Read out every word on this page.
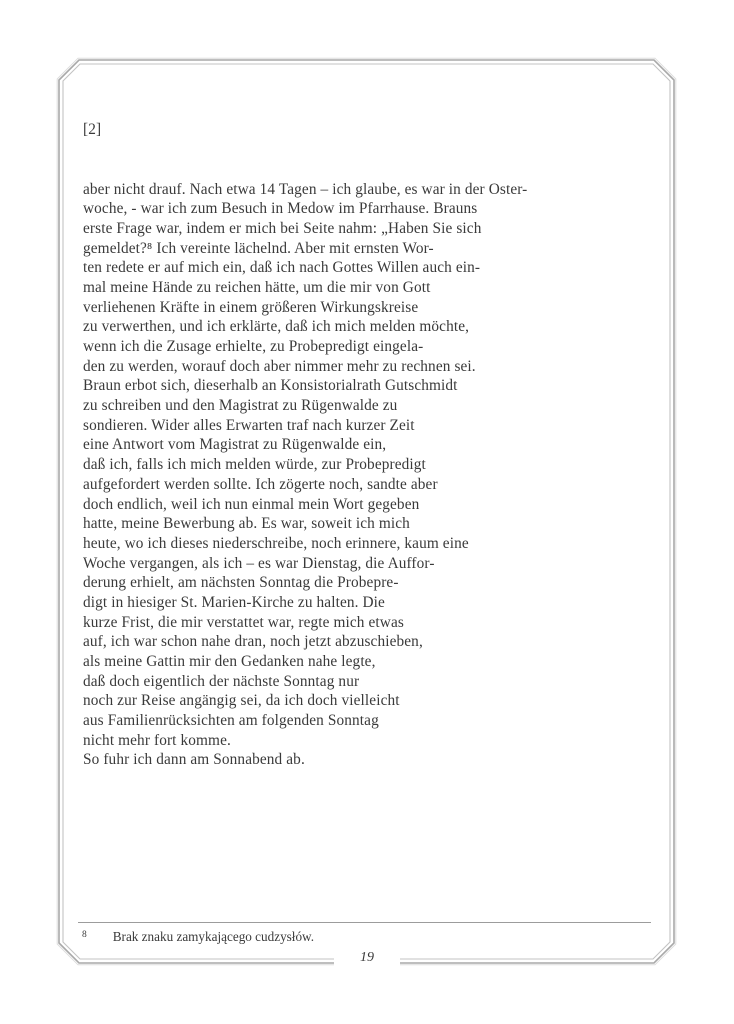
[2]

aber nicht drauf. Nach etwa 14 Tagen – ich glaube, es war in der Oster-
woche, - war ich zum Besuch in Medow im Pfarrhause. Brauns
erste Frage war, indem er mich bei Seite nahm: „Haben Sie sich
gemeldet?⁸ Ich vereinte lächelnd. Aber mit ernsten Wor-
ten redete er auf mich ein, daß ich nach Gottes Willen auch ein-
mal meine Hände zu reichen hätte, um die mir von Gott
verliehenen Kräfte in einem größeren Wirkungskreise
zu verwerthen, und ich erklärte, daß ich mich melden möchte,
wenn ich die Zusage erhielte, zu Probepredigt eingela-
den zu werden, worauf doch aber nimmer mehr zu rechnen sei.
Braun erbot sich, dieserhalb an Konsistorialrath Gutschmidt
zu schreiben und den Magistrat zu Rügenwalde zu
sondieren. Wider alles Erwarten traf nach kurzer Zeit
eine Antwort vom Magistrat zu Rügenwalde ein,
daß ich, falls ich mich melden würde, zur Probepredigt
aufgefordert werden sollte. Ich zögerte noch, sandte aber
doch endlich, weil ich nun einmal mein Wort gegeben
hatte, meine Bewerbung ab. Es war, soweit ich mich
heute, wo ich dieses niederschreibe, noch erinnere, kaum eine
Woche vergangen, als ich – es war Dienstag, die Auffor-
derung erhielt, am nächsten Sonntag die Probepre-
digt in hiesiger St. Marien-Kirche zu halten. Die
kurze Frist, die mir verstattet war, regte mich etwas
auf, ich war schon nahe dran, noch jetzt abzuschieben,
als meine Gattin mir den Gedanken nahe legte,
daß doch eigentlich der nächste Sonntag nur
noch zur Reise angängig sei, da ich doch vielleicht
aus Familienrücksichten am folgenden Sonntag
nicht mehr fort komme.
So fuhr ich dann am Sonnabend ab.

$^8$ Brak znaku zamykającego cudzysłów.
19
